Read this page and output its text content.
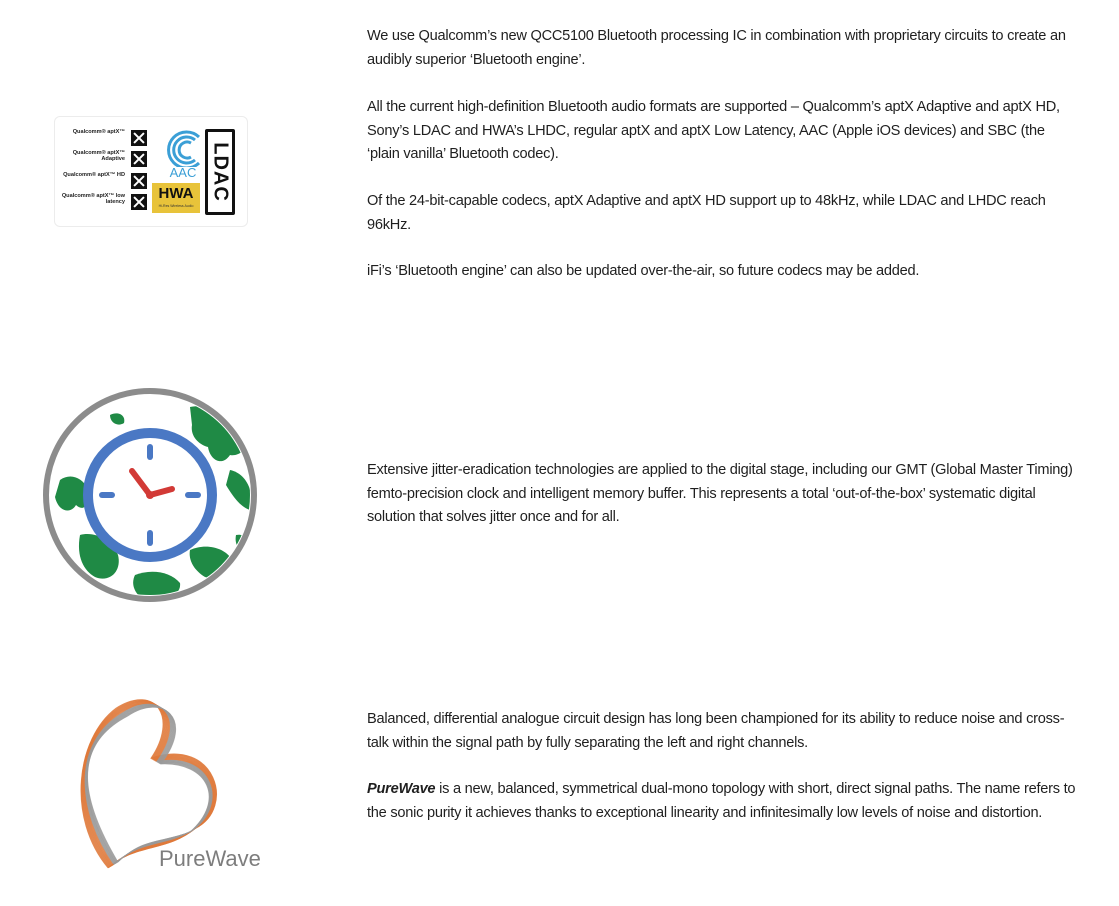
Qualcomm® aptX™
Qualcomm® aptX™ Adaptive
Qualcomm® aptX™ HD
Qualcomm® aptX™ low latency
AAC
HWA
Hi-Res Wireless Audio
LDAC

We use Qualcomm’s new QCC5100 Bluetooth processing IC in combination with proprietary circuits to create an audibly superior ‘Bluetooth engine’.

All the current high-definition Bluetooth audio formats are supported – Qualcomm’s aptX Adaptive and aptX HD, Sony’s LDAC and HWA’s LHDC, regular aptX and aptX Low Latency, AAC (Apple iOS devices) and SBC (the ‘plain vanilla’ Bluetooth codec).

Of the 24-bit-capable codecs, aptX Adaptive and aptX HD support up to 48kHz, while LDAC and LHDC reach 96kHz.

iFi’s ‘Bluetooth engine’ can also be updated over-the-air, so future codecs may be added.

Extensive jitter-eradication technologies are applied to the digital stage, including our GMT (Global Master Timing) femto-precision clock and intelligent memory buffer. This represents a total ‘out-of-the-box’ systematic digital solution that solves jitter once and for all.

PureWave

Balanced, differential analogue circuit design has long been championed for its ability to reduce noise and cross-talk within the signal path by fully separating the left and right channels.

PureWave is a new, balanced, symmetrical dual-mono topology with short, direct signal paths. The name refers to the sonic purity it achieves thanks to exceptional linearity and infinitesimally low levels of noise and distortion.
